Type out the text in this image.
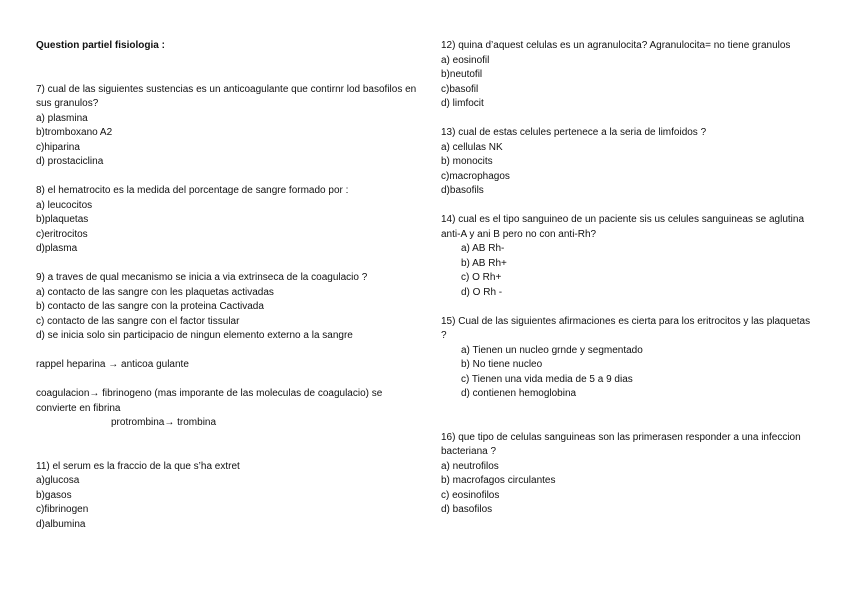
Question partiel fisiologia :
7) cual de las siguientes sustencias es un anticoagulante que contirnr lod basofilos en sus granulos?
a) plasmina
b)tromboxano A2
c)hiparina
d) prostaciclina
8) el hematrocito es la medida del porcentage de sangre formado por :
a) leucocitos
b)plaquetas
c)eritrocitos
d)plasma
9) a traves de qual mecanismo se inicia a via extrinseca de la coagulacio ?
a) contacto de las sangre con les plaquetas activadas
b) contacto de las sangre con la proteina Cactivada
c) contacto de las sangre con el factor tissular
d) se inicia solo sin participacio de ningun elemento externo a la sangre
rappel heparina → anticoa gulante
coagulacion→ fibrinogeno (mas imporante de las moleculas de coagulacio) se convierte en fibrina
protrombina→ trombina
11) el serum es la fraccio de la que s’ha extret
a)glucosa
b)gasos
c)fibrinogen
d)albumina
12) quina d’aquest celulas es un agranulocita? Agranulocita= no tiene granulos
a) eosinofil
b)neutofil
c)basofil
d) limfocit
13) cual de estas celules pertenece a la seria de limfoidos ?
a) cellulas NK
b) monocits
c)macrophagos
d)basofils
14) cual es el tipo sanguineo de un paciente sis us celules sanguineas se aglutina anti-A y ani B pero no con anti-Rh?
a) AB Rh-
b) AB Rh+
c) O Rh+
d) O Rh -
15) Cual de las siguientes afirmaciones es cierta para los eritrocitos y las plaquetas ?
a) Tienen un nucleo grnde y segmentado
b) No tiene nucleo
c) Tienen una vida media de 5 a 9 dias
d) contienen hemoglobina
16) que tipo de celulas sanguineas son las primerasen responder a una infeccion bacteriana ?
a) neutrofilos
b) macrofagos circulantes
c) eosinofilos
d) basofilos
